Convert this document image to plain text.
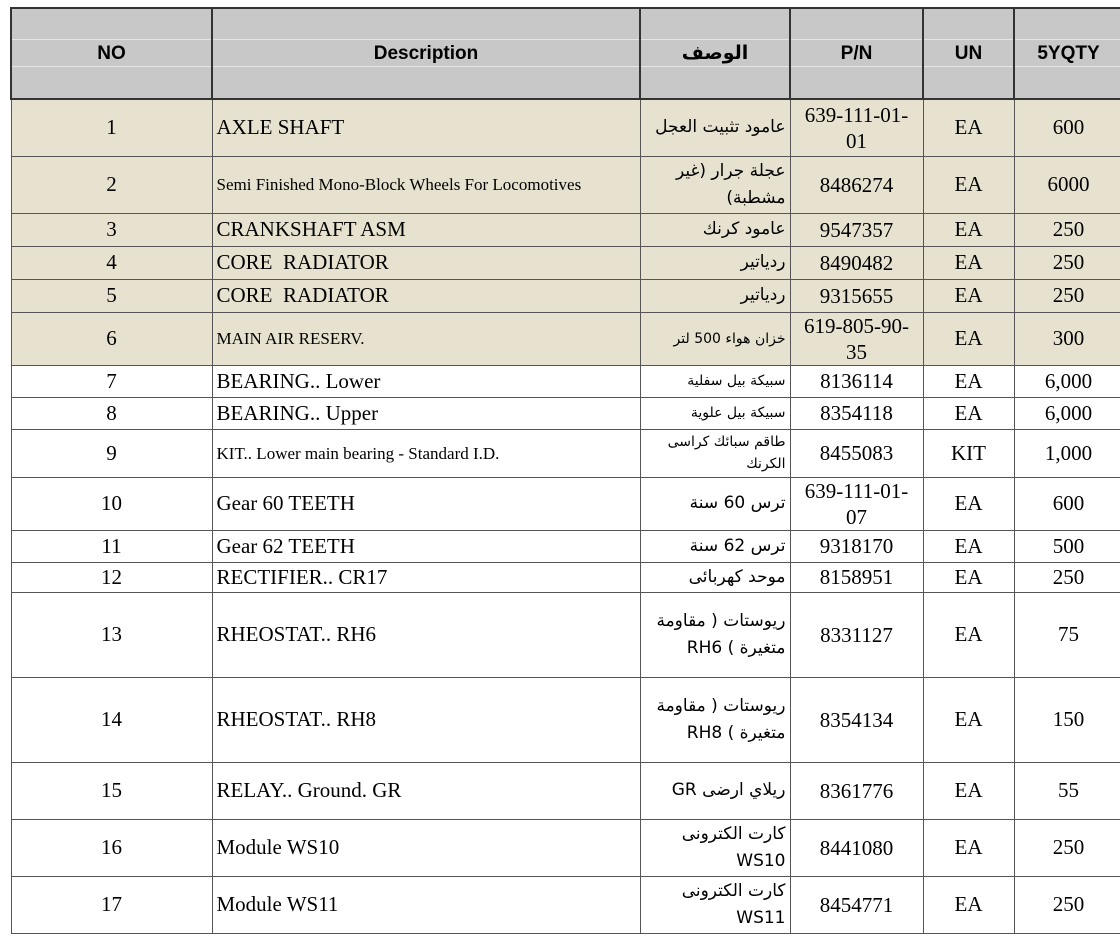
NO	Description	الوصف	P/N	UN	5YQTY
1	AXLE SHAFT	عامود تثبيت العجل	639-111-01-01	EA	600
2	Semi Finished Mono-Block Wheels For Locomotives	عجلة جرار (غير مشطبة)	8486274	EA	6000
3	CRANKSHAFT ASM	عامود كرنك	9547357	EA	250
4	CORE  RADIATOR	ردياتير	8490482	EA	250
5	CORE  RADIATOR	ردياتير	9315655	EA	250
6	MAIN AIR RESERV.	خزان هواء 500 لتر	619-805-90-35	EA	300
7	BEARING.. Lower	سبيكة بيل سفلية	8136114	EA	6,000
8	BEARING.. Upper	سبيكة بيل علوية	8354118	EA	6,000
9	KIT.. Lower main bearing - Standard I.D.	طاقم سبائك كراسى الكرنك	8455083	KIT	1,000
10	Gear 60 TEETH	ترس 60 سنة	639-111-01-07	EA	600
11	Gear 62 TEETH	ترس 62 سنة	9318170	EA	500
12	RECTIFIER.. CR17	موحد كهربائى	8158951	EA	250
13	RHEOSTAT.. RH6	ريوستات ( مقاومة متغيرة ) RH6	8331127	EA	75
14	RHEOSTAT.. RH8	ريوستات ( مقاومة متغيرة ) RH8	8354134	EA	150
15	RELAY.. Ground. GR	ريلاي ارضى GR	8361776	EA	55
16	Module WS10	كارت الكترونى WS10	8441080	EA	250
17	Module WS11	كارت الكترونى WS11	8454771	EA	250
